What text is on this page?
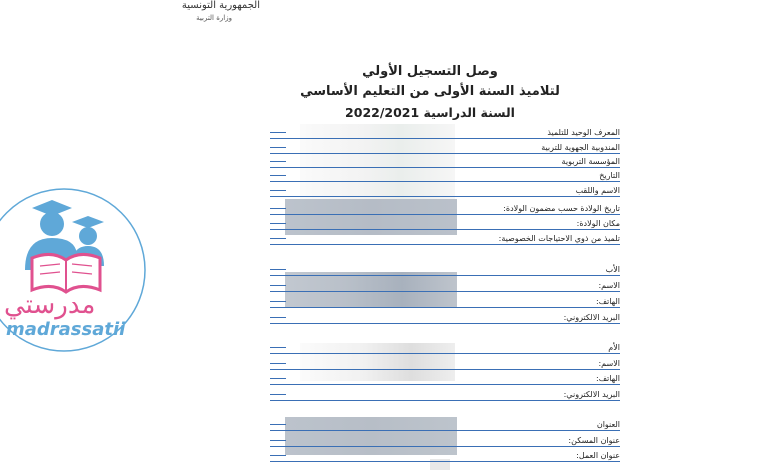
الجمهورية التونسية
وزارة التربية
وصل التسجيل الأولي
لتلاميذ السنة الأولى من التعليم الأساسي
السنة الدراسية 2022/2021
المعرف الوحيد للتلميذ
المندوبية الجهوية للتربية
المؤسسة التربوية
التاريخ
الاسم واللقب
تاريخ الولادة حسب مضمون الولادة:
مكان الولادة:
تلميذ من ذوي الاحتياجات الخصوصية:
الأب
الاسم:
الهاتف:
البريد الالكتروني:
الأم
الاسم:
الهاتف:
البريد الالكتروني:
العنوان
عنوان المسكن:
عنوان العمل:
مدرستي
madrassatii
